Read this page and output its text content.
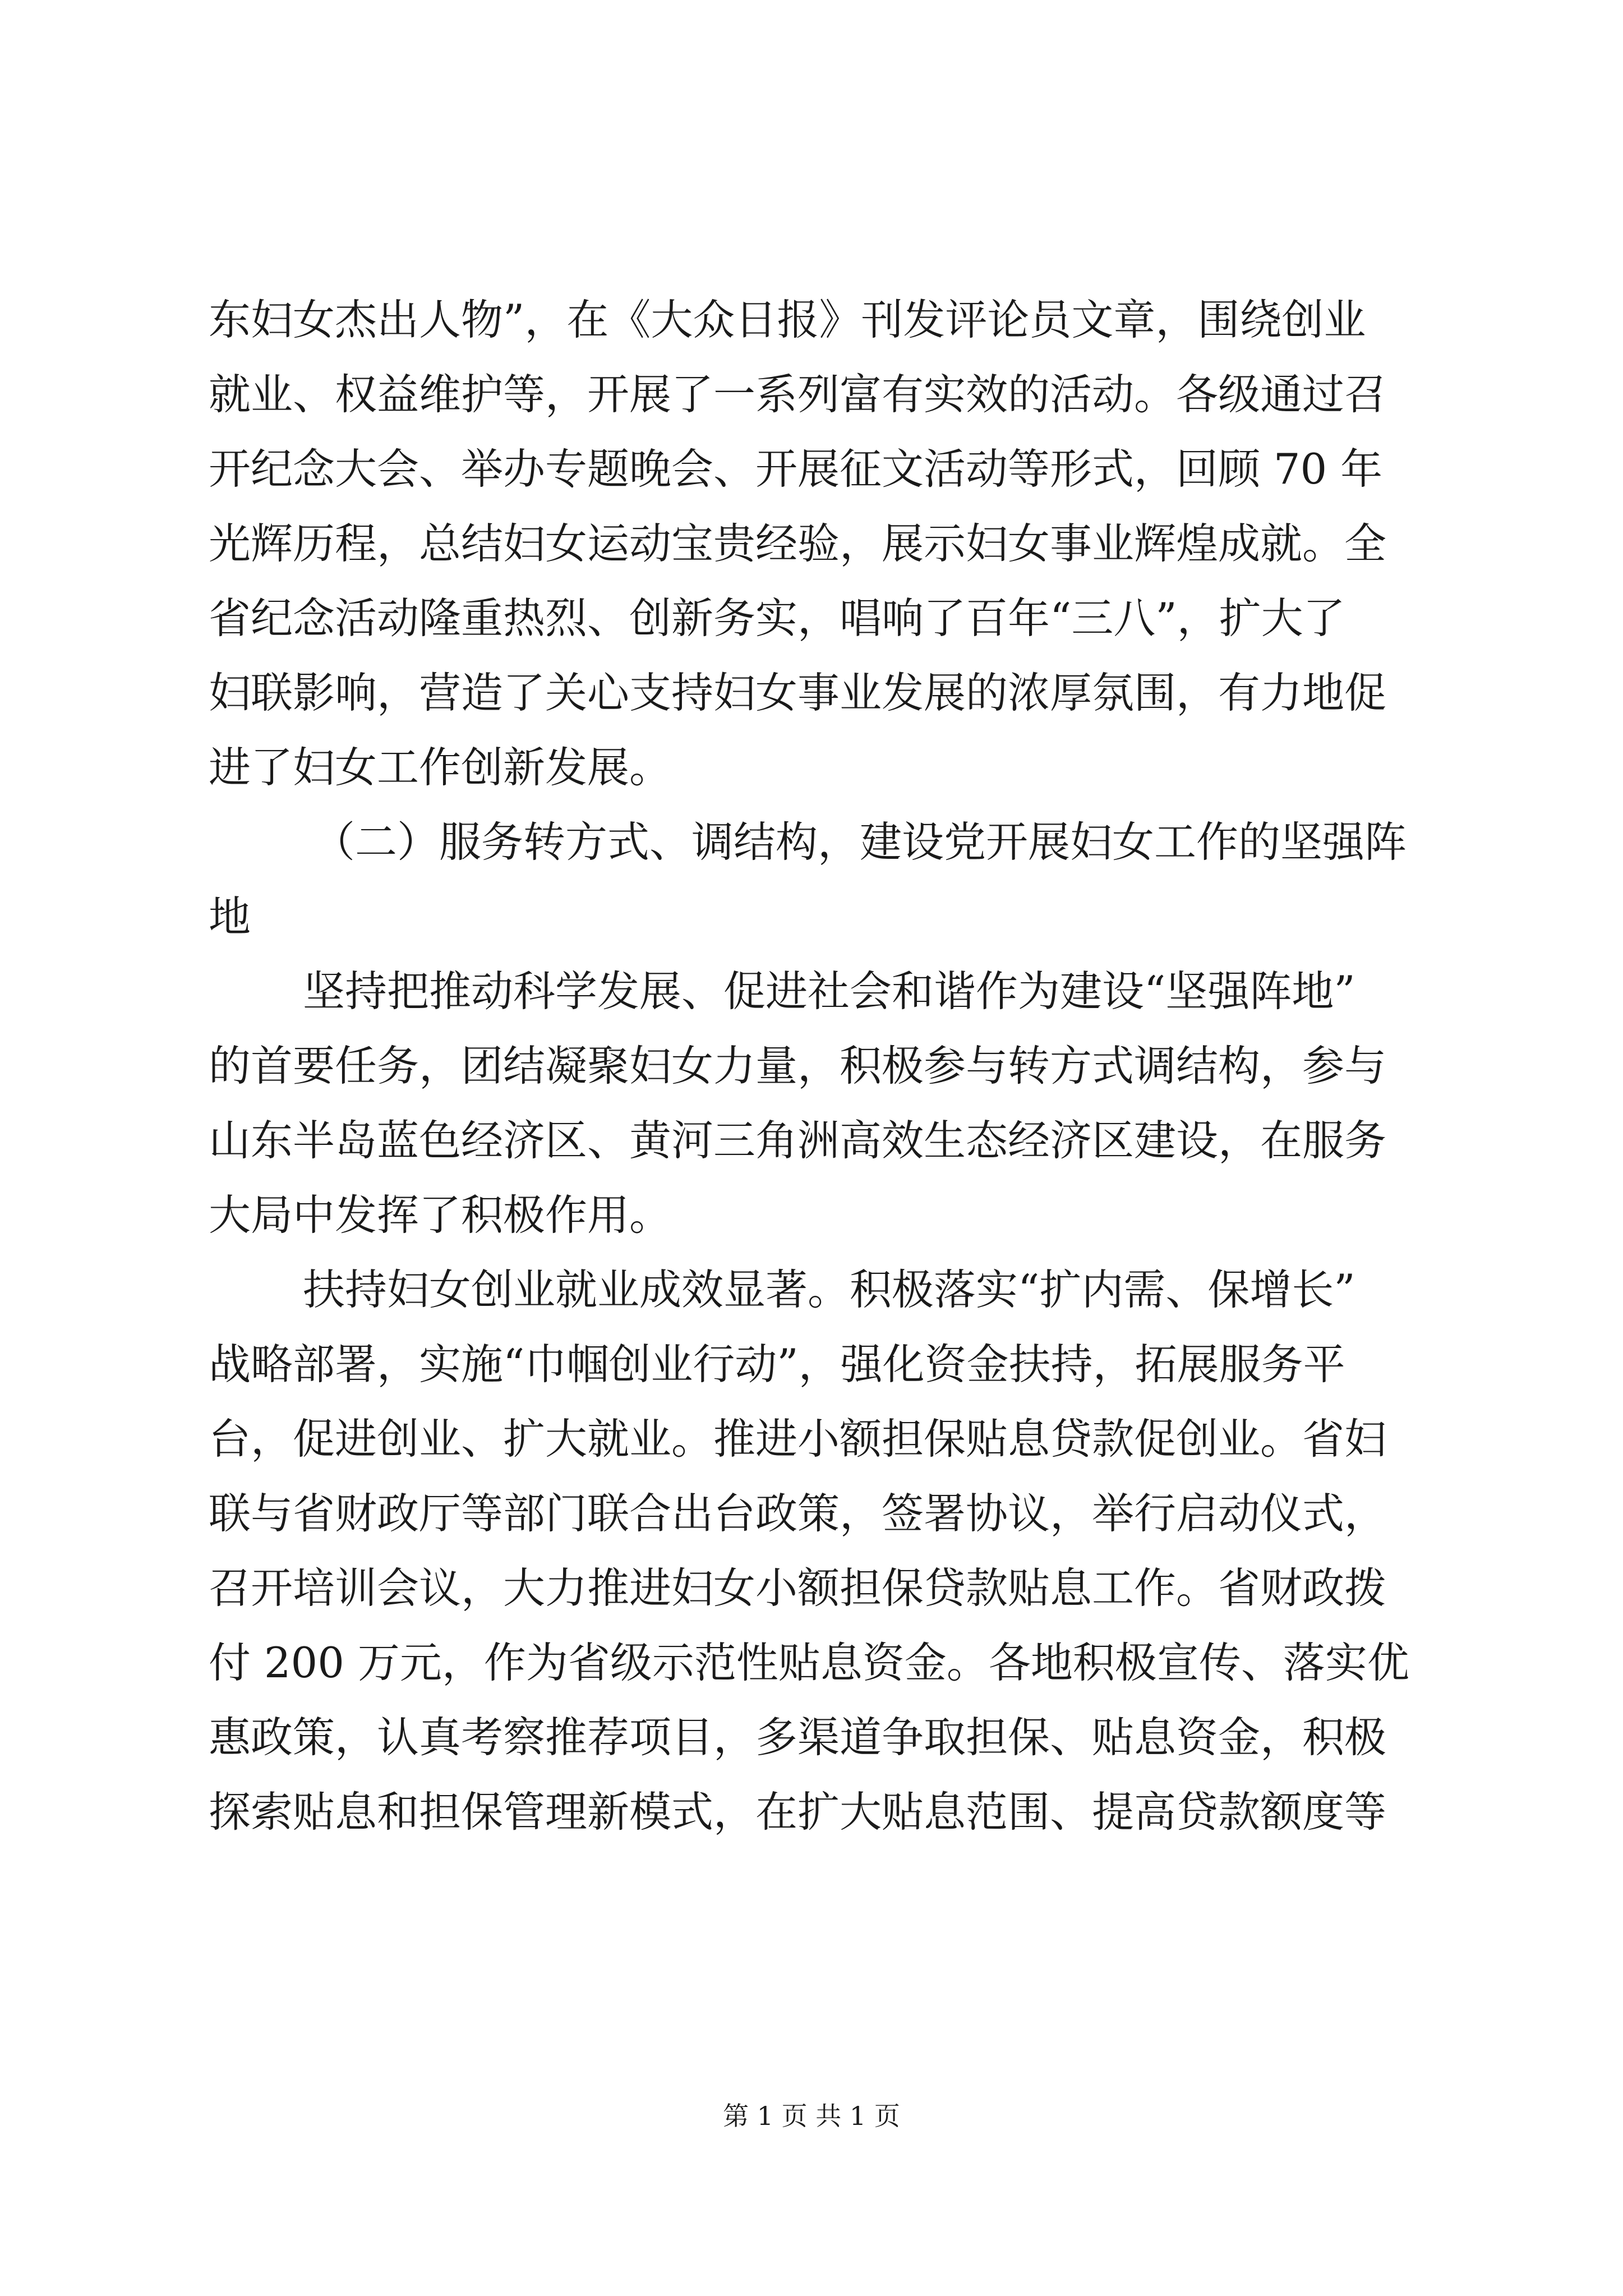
东妇女杰出人物”，在《大众日报》刊发评论员文章，围绕创业
就业、权益维护等，开展了一系列富有实效的活动。各级通过召
开纪念大会、举办专题晚会、开展征文活动等形式，回顾 70 年
光辉历程，总结妇女运动宝贵经验，展示妇女事业辉煌成就。全
省纪念活动隆重热烈、创新务实，唱响了百年“三八”，扩大了
妇联影响，营造了关心支持妇女事业发展的浓厚氛围，有力地促
进了妇女工作创新发展。
（二）服务转方式、调结构，建设党开展妇女工作的坚强阵
地
坚持把推动科学发展、促进社会和谐作为建设“坚强阵地”
的首要任务，团结凝聚妇女力量，积极参与转方式调结构，参与
山东半岛蓝色经济区、黄河三角洲高效生态经济区建设，在服务
大局中发挥了积极作用。
扶持妇女创业就业成效显著。积极落实“扩内需、保增长”
战略部署，实施“巾帼创业行动”，强化资金扶持，拓展服务平
台，促进创业、扩大就业。推进小额担保贴息贷款促创业。省妇
联与省财政厅等部门联合出台政策，签署协议，举行启动仪式，
召开培训会议，大力推进妇女小额担保贷款贴息工作。省财政拨
付 200 万元，作为省级示范性贴息资金。各地积极宣传、落实优
惠政策，认真考察推荐项目，多渠道争取担保、贴息资金，积极
探索贴息和担保管理新模式，在扩大贴息范围、提高贷款额度等
第 1 页 共 1 页
